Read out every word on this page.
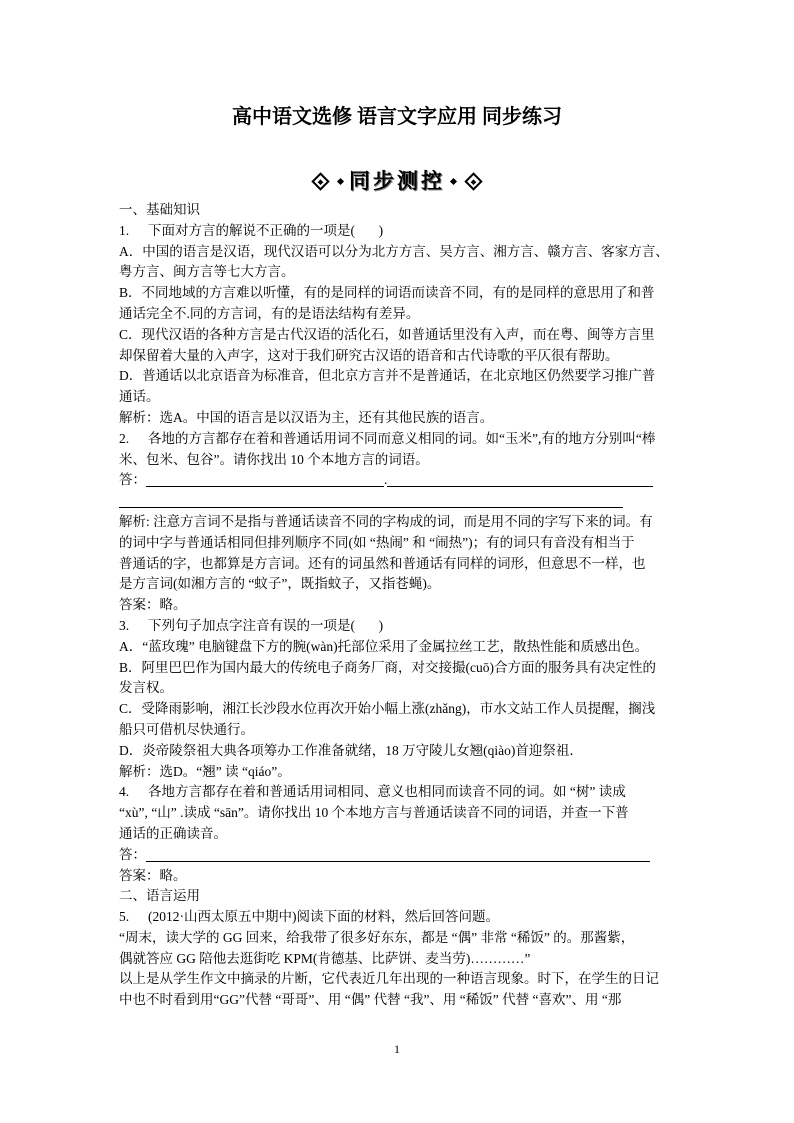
高中语文选修 语言文字应用 同步练习
同步测控
一、基础知识
1. 下面对方言的解说不正确的一项是(       )
A．中国的语言是汉语，现代汉语可以分为北方方言、吴方言、湘方言、赣方言、客家方言、
粤方言、闽方言等七大方言。
B．不同地域的方言难以听懂，有的是同样的词语而读音不同，有的是同样的意思用了和普
通话完全不.同的方言词，有的是语法结构有差异。
C．现代汉语的各种方言是古代汉语的活化石，如普通话里没有入声，而在粤、闽等方言里
却保留着大量的入声字，这对于我们研究古汉语的语音和古代诗歌的平仄很有帮助。
D．普通话以北京语音为标准音，但北京方言并不是普通话，在北京地区仍然要学习推广普
通话。
解析：选A。中国的语言是以汉语为主，还有其他民族的语言。
2. 各地的方言都存在着和普通话用词不同而意义相同的词。如“玉米”,有的地方分别叫“棒
米、包米、包谷”。请你找出 10 个本地方言的词语。
答：	.
解析: 注意方言词不是指与普通话读音不同的字构成的词，而是用不同的字写下来的词。有
的词中字与普通话相同但排列顺序不同(如 “热闹” 和 “闹热”)；有的词只有音没有相当于
普通话的字，也都算是方言词。还有的词虽然和普通话有同样的词形，但意思不一样，也
是方言词(如湘方言的 “蚊子”，既指蚊子，又指苍蝇)。
答案：略。
3. 下列句子加点字注音有误的一项是(       )
A．“蓝玫瑰” 电脑键盘下方的腕(wàn)托部位采用了金属拉丝工艺，散热性能和质感出色。
B．阿里巴巴作为国内最大的传统电子商务厂商，对交接撮(cuō)合方面的服务具有决定性的
发言权。
C．受降雨影响，湘江长沙段水位再次开始小幅上涨(zhǎng)，市水文站工作人员提醒，搁浅
船只可借机尽快通行。
D．炎帝陵祭祖大典各项筹办工作准备就绪，18 万守陵儿女翘(qiào)首迎祭祖．
解析：选D。“翘” 读 “qiáo”。
4. 各地方言都存在着和普通话用词相同、意义也相同而读音不同的词。如 “树” 读成
“xù”, “山” .读成 “sān”。请你找出 10 个本地方言与普通话读音不同的词语，并查一下普
通话的正确读音。
答：
答案：略。
二、语言运用
5. (2012·山西太原五中期中)阅读下面的材料，然后回答问题。
“周末，读大学的 GG 回来，给我带了很多好东东，都是 “偶” 非常 “稀饭” 的。那酱紫，
偶就答应 GG 陪他去逛街吃 KPM(肯德基、比萨饼、麦当劳)…………”
以上是从学生作文中摘录的片断，它代表近几年出现的一种语言现象。时下，在学生的日记
中也不时看到用“GG”代替 “哥哥”、用 “偶” 代替 “我”、用 “稀饭” 代替 “喜欢”、用 “那
1
